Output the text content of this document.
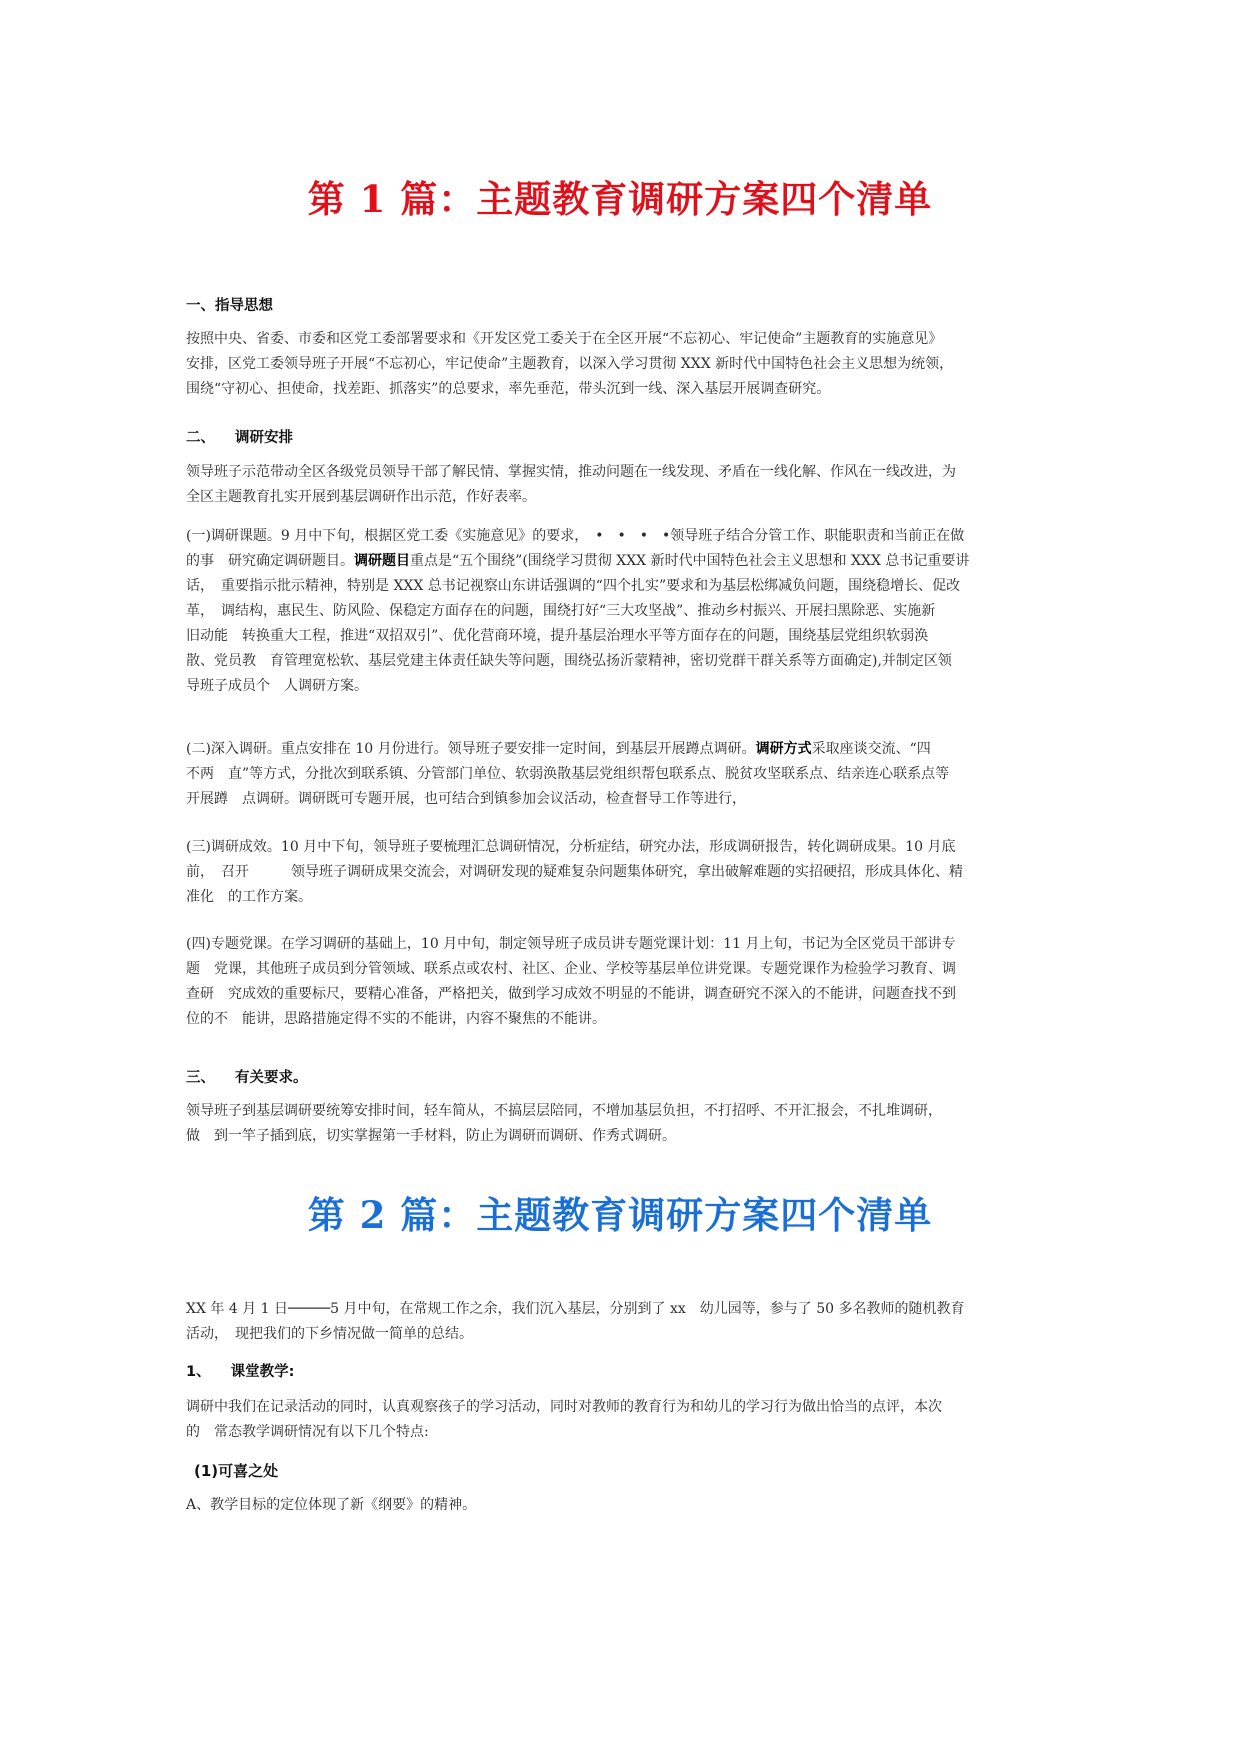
第 1 篇：主题教育调研方案四个清单
一、指导思想
按照中央、省委、市委和区党工委部署要求和《开发区党工委关于在全区开展“不忘初心、牢记使命”主题教育的实施意见》
安排，区党工委领导班子开展“不忘初心，牢记使命”主题教育，以深入学习贯彻 XXX 新时代中国特色社会主义思想为统领，
围绕“守初心、担使命，找差距、抓落实”的总要求，率先垂范，带头沉到一线、深入基层开展调查研究。
二、 调研安排
领导班子示范带动全区各级党员领导干部了解民情、掌握实情，推动问题在一线发现、矛盾在一线化解、作风在一线改进，为
全区主题教育扎实开展到基层调研作出示范，作好表率。
(一)调研课题。9 月中下旬，根据区党工委《实施意见》的要求，　•　•　•　•领导班子结合分管工作、职能职责和当前正在做
的事　研究确定调研题目。调研题目重点是“五个围绕”(围绕学习贯彻 XXX 新时代中国特色社会主义思想和 XXX 总书记重要讲
话，　重要指示批示精神，特别是 XXX 总书记视察山东讲话强调的“四个扎实”要求和为基层松绑减负问题，围绕稳增长、促改
革，　调结构，惠民生、防风险、保稳定方面存在的问题，围绕打好“三大攻坚战”、推动乡村振兴、开展扫黑除恶、实施新
旧动能　转换重大工程，推进“双招双引”、优化营商环境，提升基层治理水平等方面存在的问题，围绕基层党组织软弱涣
散、党员教　育管理宽松软、基层党建主体责任缺失等问题，围绕弘扬沂蒙精神，密切党群干群关系等方面确定),并制定区领
导班子成员个　人调研方案。
(二)深入调研。重点安排在 10 月份进行。领导班子要安排一定时间，到基层开展蹲点调研。调研方式采取座谈交流、“四
不两　直”等方式，分批次到联系镇、分管部门单位、软弱涣散基层党组织帮包联系点、脱贫攻坚联系点、结亲连心联系点等
开展蹲　点调研。调研既可专题开展，也可结合到镇参加会议活动，检查督导工作等进行，
(三)调研成效。10 月中下旬，领导班子要梳理汇总调研情况，分析症结，研究办法，形成调研报告，转化调研成果。10 月底
前，　召开　　　领导班子调研成果交流会，对调研发现的疑难复杂问题集体研究，拿出破解难题的实招硬招，形成具体化、精
准化　的工作方案。
(四)专题党课。在学习调研的基础上，10 月中旬，制定领导班子成员讲专题党课计划：11 月上旬，书记为全区党员干部讲专
题　党课，其他班子成员到分管领域、联系点或农村、社区、企业、学校等基层单位讲党课。专题党课作为检验学习教育、调
查研　究成效的重要标尺，要精心准备，严格把关，做到学习成效不明显的不能讲，调查研究不深入的不能讲，问题查找不到
位的不　能讲，思路措施定得不实的不能讲，内容不聚焦的不能讲。
三、 有关要求。
领导班子到基层调研要统筹安排时间，轻车简从，不搞层层陪同，不增加基层负担，不打招呼、不开汇报会，不扎堆调研，
做　到一竿子插到底，切实掌握第一手材料，防止为调研而调研、作秀式调研。
第 2 篇：主题教育调研方案四个清单
XX 年 4 月 1 日─────5 月中旬，在常规工作之余，我们沉入基层，分别到了 xx　幼儿园等，参与了 50 多名教师的随机教育
活动，　现把我们的下乡情况做一简单的总结。
1、 课堂教学:
调研中我们在记录活动的同时，认真观察孩子的学习活动，同时对教师的教育行为和幼儿的学习行为做出恰当的点评，本次
的　常态教学调研情况有以下几个特点:
(1)可喜之处
A、教学目标的定位体现了新《纲要》的精神。
